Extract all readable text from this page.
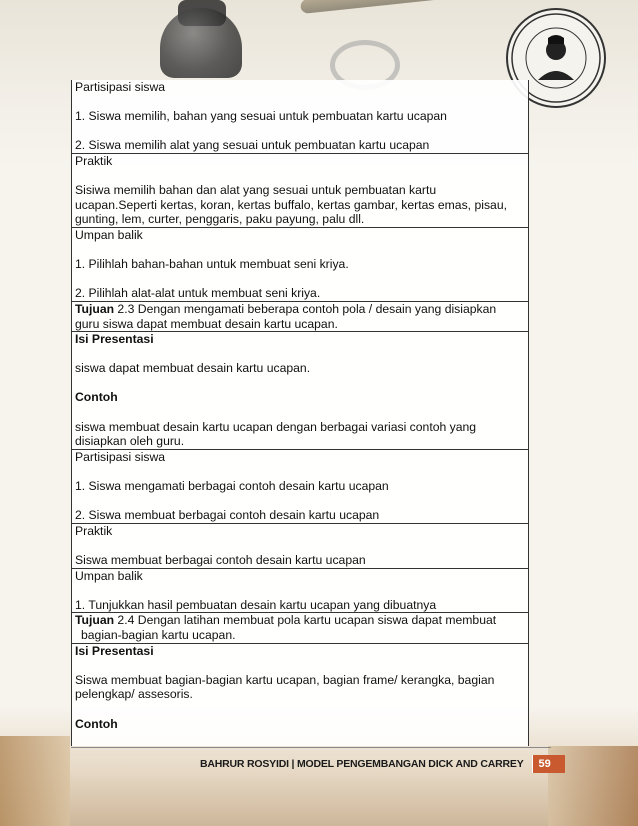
Partisipasi siswa

1. Siswa memilih, bahan yang sesuai untuk pembuatan kartu ucapan

2. Siswa memilih alat yang sesuai untuk pembuatan kartu ucapan

Praktik

Sisiwa memilih bahan dan alat yang sesuai untuk pembuatan kartu

ucapan.Seperti kertas, koran, kertas buffalo, kertas gambar, kertas emas, pisau,

gunting, lem, curter, penggaris, paku payung, palu dll.

Umpan balik

1. Pilihlah bahan-bahan untuk membuat seni kriya.

2. Pilihlah alat-alat untuk membuat seni kriya.

Tujuan 2.3 Dengan mengamati beberapa contoh pola / desain yang disiapkan

guru siswa dapat membuat desain kartu ucapan.

Isi Presentasi

siswa dapat membuat desain kartu ucapan.

Contoh

siswa membuat desain kartu ucapan dengan berbagai variasi contoh yang

disiapkan oleh guru.

Partisipasi siswa

1. Siswa mengamati berbagai contoh desain kartu ucapan

2. Siswa membuat berbagai contoh desain kartu ucapan

Praktik

Siswa membuat berbagai contoh desain kartu ucapan

Umpan balik

1. Tunjukkan hasil pembuatan desain kartu ucapan yang dibuatnya

Tujuan 2.4 Dengan latihan membuat pola kartu ucapan siswa dapat membuat

bagian-bagian kartu ucapan.

Isi Presentasi

Siswa membuat bagian-bagian kartu ucapan, bagian frame/ kerangka, bagian

pelengkap/ assesoris.

Contoh

BAHRUR ROSYIDI | MODEL PENGEMBANGAN DICK AND CARREY	59
